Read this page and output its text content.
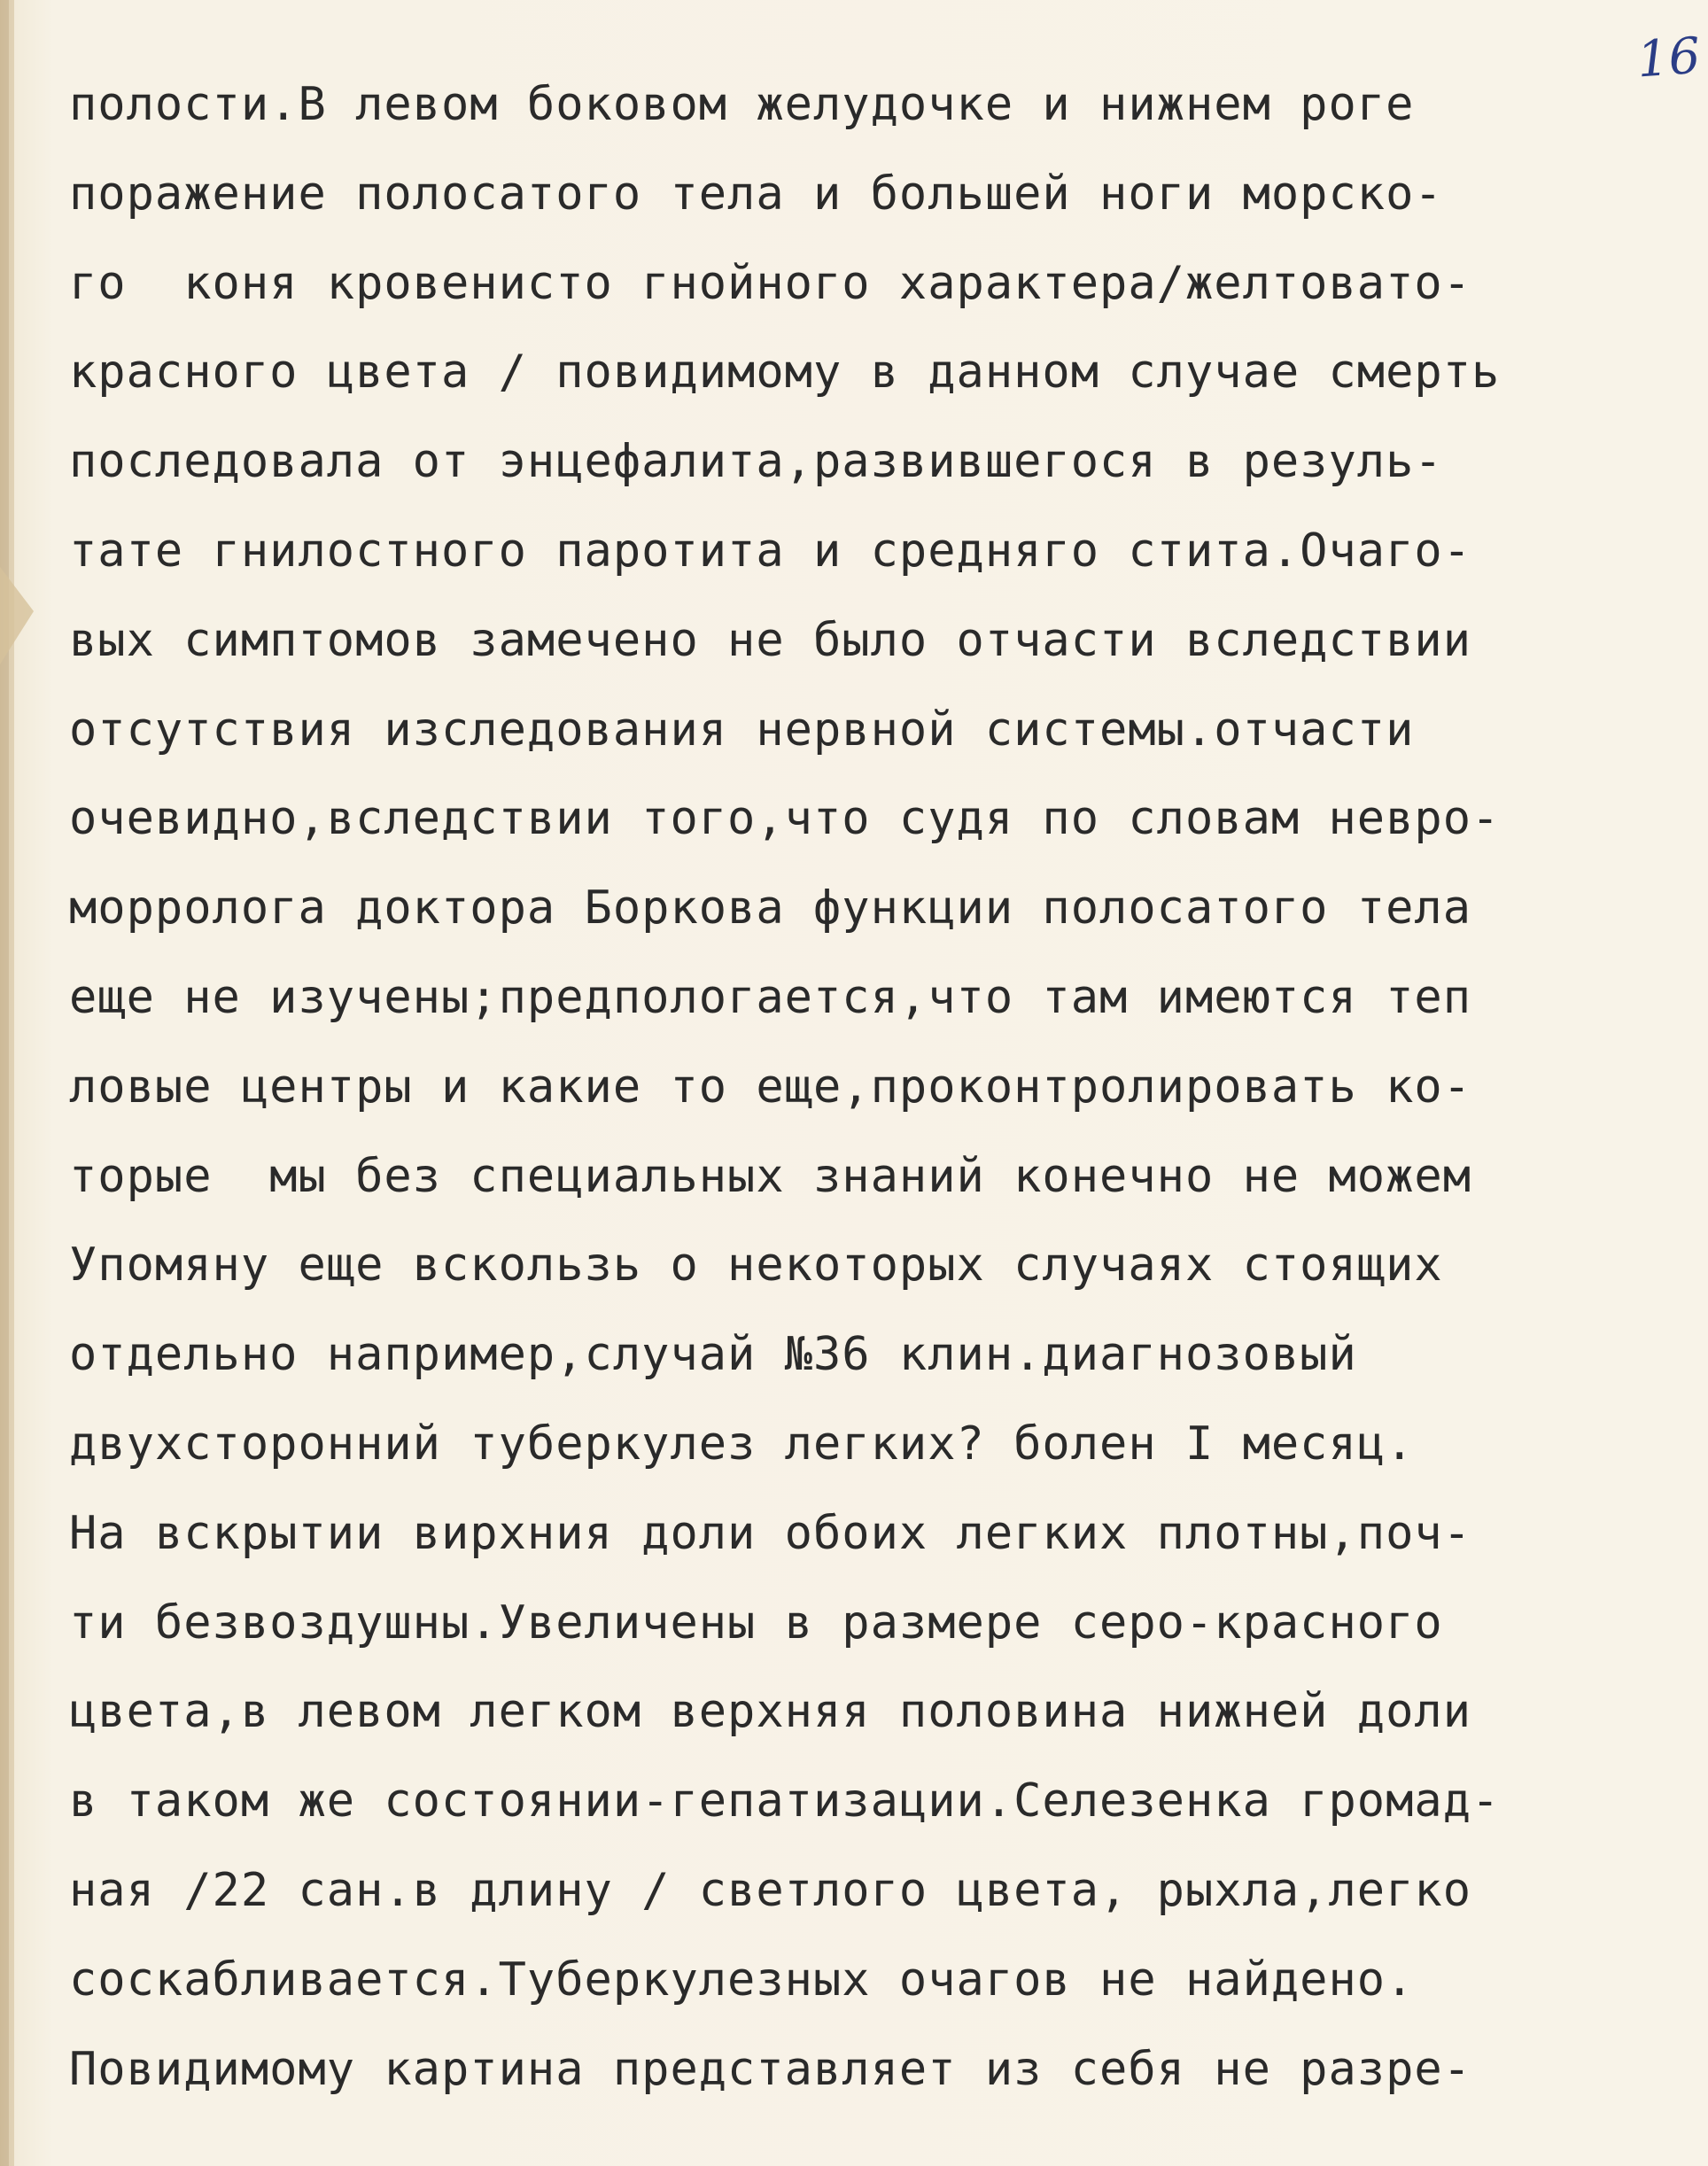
16
полости.В левом боковом желудочке и нижнем роге
поражение полосатого тела и большей ноги морско-
го  коня кровенисто гнойного характера/желтовато-
красного цвета / повидимому в данном случае смерть
последовала от энцефалита,развившегося в резуль-
тате гнилостного паротита и средняго стита.Очаго-
вых симптомов замечено не было отчасти вследствии
отсутствия изследования нервной системы.отчасти
очевидно,вследствии того,что судя по словам невро-
морролога доктора Боркова функции полосатого тела
еще не изучены;предпологается,что там имеются теп
ловые центры и какие то еще,проконтролировать ко-
торые  мы без специальных знаний конечно не можем
Упомяну еще вскользь о некоторых случаях стоящих
отдельно например,случай №36 клин.диагнозовый
двухсторонний туберкулез легких? болен I месяц.
На вскрытии вирхния доли обоих легких плотны,поч-
ти безвоздушны.Увеличены в размере серо-красного
цвета,в левом легком верхняя половина нижней доли
в таком же состоянии-гепатизации.Селезенка громад-
ная /22 сан.в длину / светлого цвета, рыхла,легко
соскабливается.Туберкулезных очагов не найдено.
Повидимому картина представляет из себя не разре-
